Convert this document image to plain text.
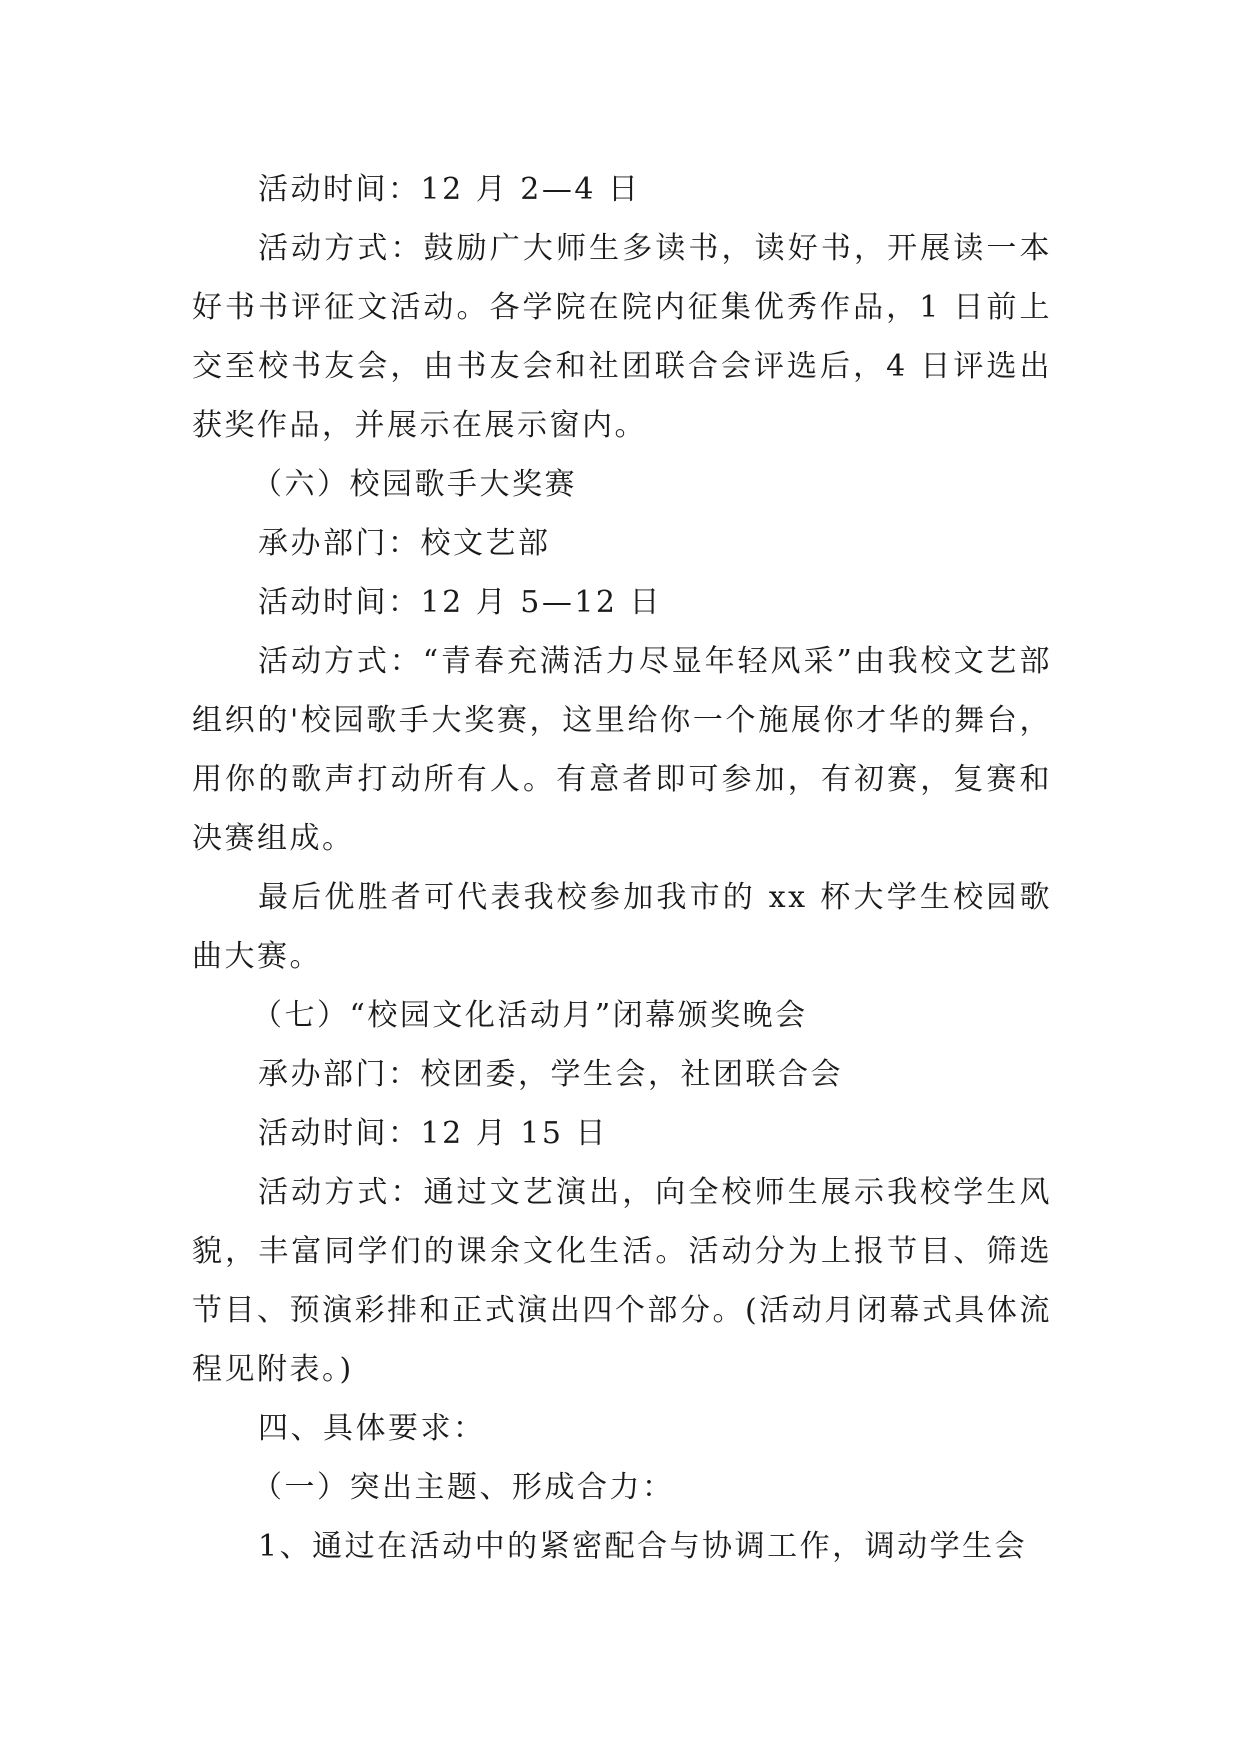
活动时间：12 月 2—4 日

活动方式：鼓励广大师生多读书，读好书，开展读一本好书书评征文活动。各学院在院内征集优秀作品，1 日前上交至校书友会，由书友会和社团联合会评选后，4 日评选出获奖作品，并展示在展示窗内。

（六）校园歌手大奖赛

承办部门：校文艺部

活动时间：12 月 5—12 日

活动方式：“青春充满活力尽显年轻风采”由我校文艺部组织的'校园歌手大奖赛，这里给你一个施展你才华的舞台，用你的歌声打动所有人。有意者即可参加，有初赛，复赛和决赛组成。

最后优胜者可代表我校参加我市的 xx 杯大学生校园歌曲大赛。

（七）“校园文化活动月”闭幕颁奖晚会

承办部门：校团委，学生会，社团联合会

活动时间：12 月 15 日

活动方式：通过文艺演出，向全校师生展示我校学生风貌，丰富同学们的课余文化生活。活动分为上报节目、筛选节目、预演彩排和正式演出四个部分。(活动月闭幕式具体流程见附表。)

四、具体要求：

（一）突出主题、形成合力：

1、通过在活动中的紧密配合与协调工作，调动学生会
